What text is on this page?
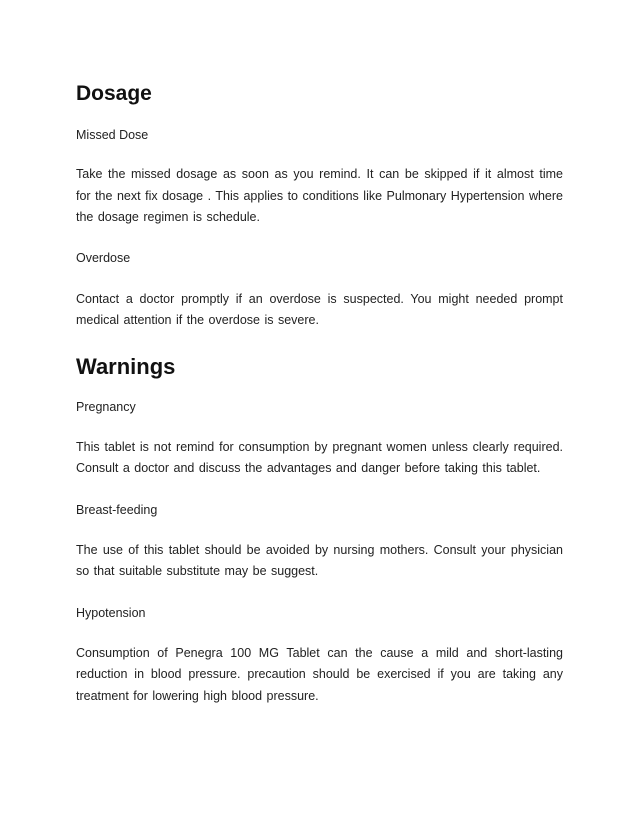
Dosage

Missed Dose

Take the missed dosage as soon as you remind. It can be skipped if it almost time for the next fix dosage . This applies to conditions like Pulmonary Hypertension where the dosage regimen is schedule.

Overdose

Contact a doctor promptly if an overdose is suspected. You might needed prompt medical attention if the overdose is severe.

Warnings

Pregnancy

This tablet is not remind for consumption by pregnant women unless clearly required. Consult a doctor and discuss the advantages and danger before taking this tablet.

Breast-feeding

The use of this tablet should be avoided by nursing mothers. Consult your physician so that suitable substitute may be suggest.

Hypotension

Consumption of Penegra 100 MG Tablet can the cause a mild and short-lasting reduction in blood pressure. precaution should be exercised if you are taking any treatment for lowering high blood pressure.
